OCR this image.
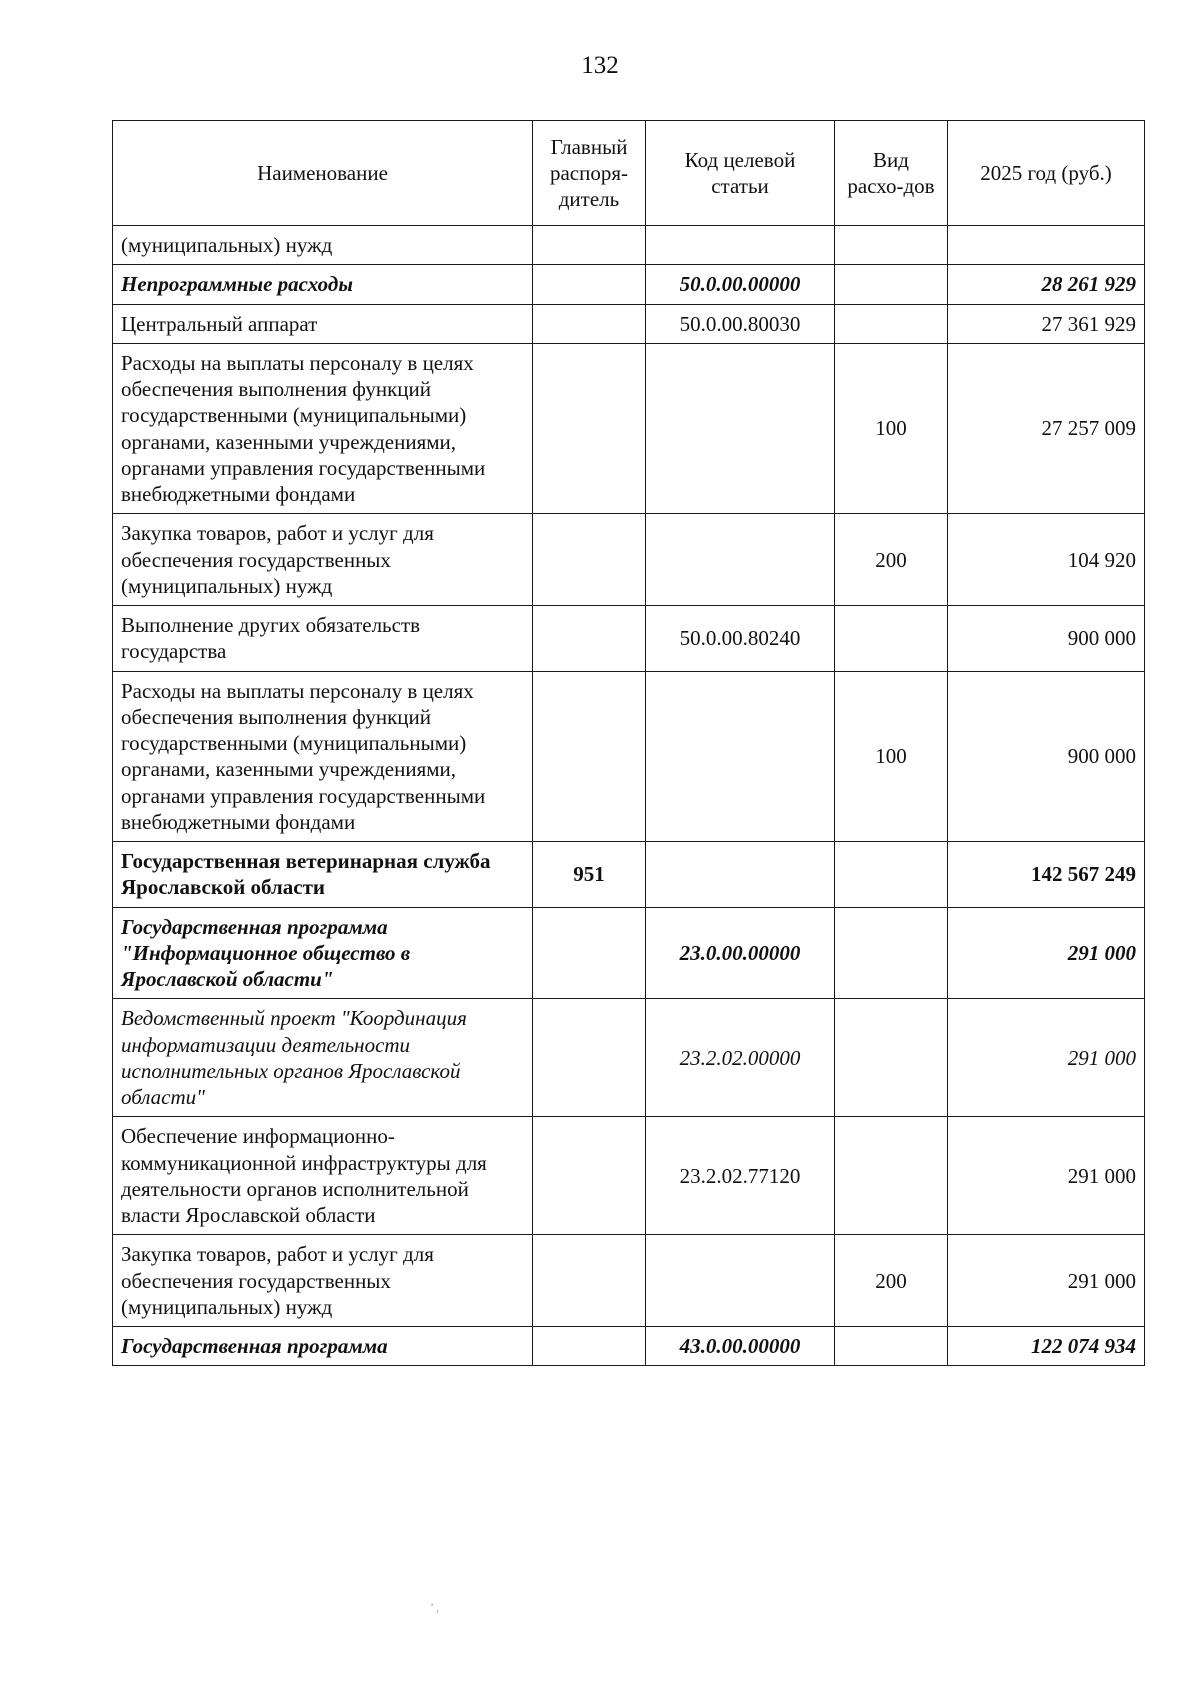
132
Наименование	Главный распоря-дитель	Код целевой статьи	Вид расхо-дов	2025 год (руб.)
(муниципальных) нужд				
Непрограммные расходы		50.0.00.00000		28 261 929
Центральный аппарат		50.0.00.80030		27 361 929
Расходы на выплаты персоналу в целях обеспечения выполнения функций государственными (муниципальными) органами, казенными учреждениями, органами управления государственными внебюджетными фондами			100	27 257 009
Закупка товаров, работ и услуг для обеспечения государственных (муниципальных) нужд			200	104 920
Выполнение других обязательств государства		50.0.00.80240		900 000
Расходы на выплаты персоналу в целях обеспечения выполнения функций государственными (муниципальными) органами, казенными учреждениями, органами управления государственными внебюджетными фондами			100	900 000
Государственная ветеринарная служба Ярославской области	951			142 567 249
Государственная программа "Информационное общество в Ярославской области"		23.0.00.00000		291 000
Ведомственный проект "Координация информатизации деятельности исполнительных органов Ярославской области"		23.2.02.00000		291 000
Обеспечение информационно-коммуникационной инфраструктуры для деятельности органов исполнительной власти Ярославской области		23.2.02.77120		291 000
Закупка товаров, работ и услуг для обеспечения государственных (муниципальных) нужд			200	291 000
Государственная программа		43.0.00.00000		122 074 934
’ ,
